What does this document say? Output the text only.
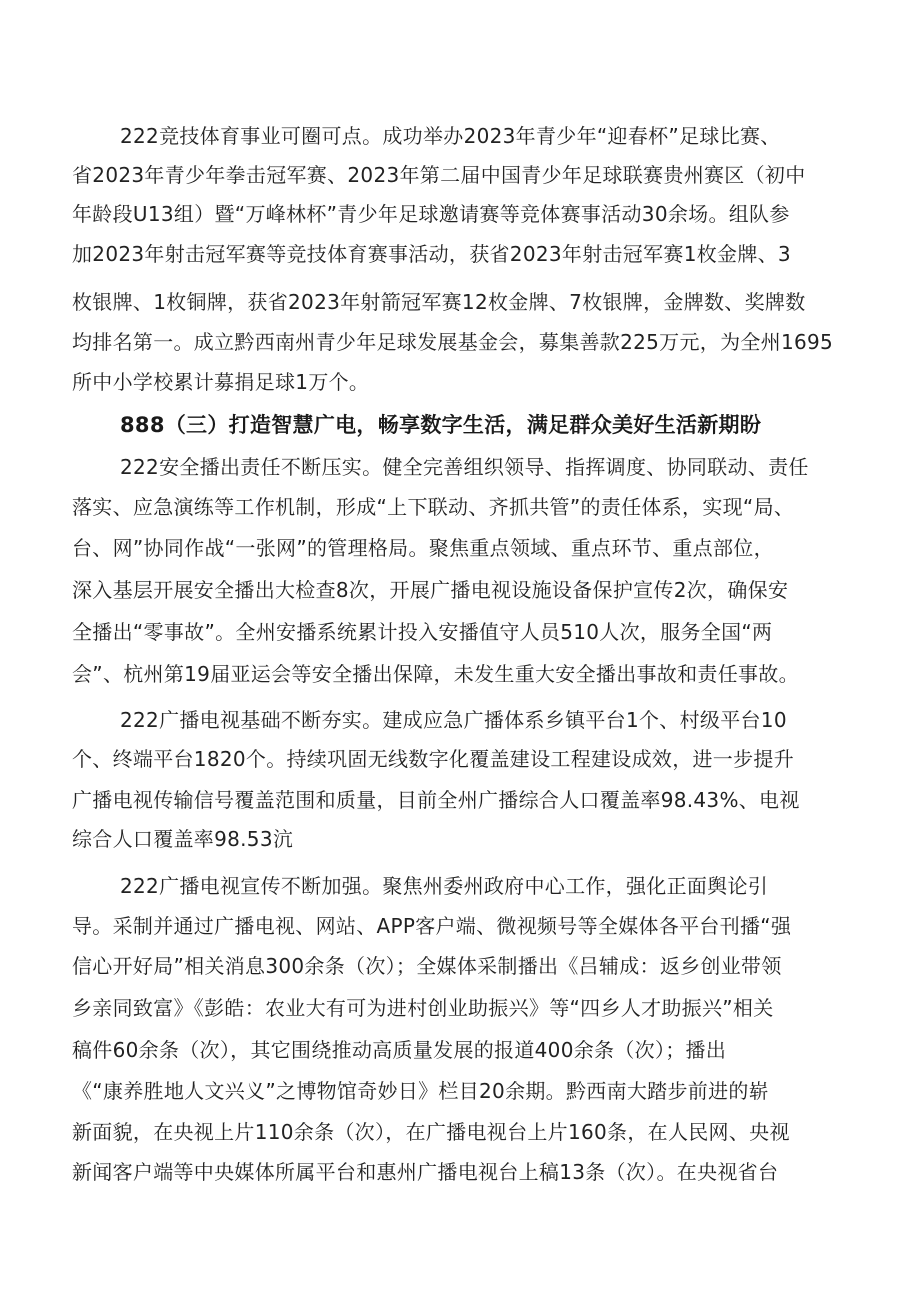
222竞技体育事业可圈可点。成功举办2023年青少年“迎春杯”足球比赛、
省2023年青少年拳击冠军赛、2023年第二届中国青少年足球联赛贵州赛区（初中
年龄段U13组）暨“万峰林杯”青少年足球邀请赛等竞体赛事活动30余场。组队参
加2023年射击冠军赛等竞技体育赛事活动，获省2023年射击冠军赛1枚金牌、3
枚银牌、1枚铜牌，获省2023年射箭冠军赛12枚金牌、7枚银牌，金牌数、奖牌数
均排名第一。成立黔西南州青少年足球发展基金会，募集善款225万元，为全州1695
所中小学校累计募捐足球1万个。
888（三）打造智慧广电，畅享数字生活，满足群众美好生活新期盼
222安全播出责任不断压实。健全完善组织领导、指挥调度、协同联动、责任
落实、应急演练等工作机制，形成“上下联动、齐抓共管”的责任体系，实现“局、
台、网”协同作战“一张网”的管理格局。聚焦重点领域、重点环节、重点部位，
深入基层开展安全播出大检查8次，开展广播电视设施设备保护宣传2次，确保安
全播出“零事故”。全州安播系统累计投入安播值守人员510人次，服务全国“两
会”、杭州第19届亚运会等安全播出保障，未发生重大安全播出事故和责任事故。
222广播电视基础不断夯实。建成应急广播体系乡镇平台1个、村级平台10
个、终端平台1820个。持续巩固无线数字化覆盖建设工程建设成效，进一步提升
广播电视传输信号覆盖范围和质量，目前全州广播综合人口覆盖率98.43%、电视
综合人口覆盖率98.53沆
222广播电视宣传不断加强。聚焦州委州政府中心工作，强化正面舆论引
导。采制并通过广播电视、网站、APP客户端、微视频号等全媒体各平台刊播“强
信心开好局”相关消息300余条（次）；全媒体采制播出《吕辅成：返乡创业带领
乡亲同致富》《彭皓：农业大有可为进村创业助振兴》等“四乡人才助振兴”相关
稿件60余条（次），其它围绕推动高质量发展的报道400余条（次）；播出
《“康养胜地人文兴义”之博物馆奇妙日》栏目20余期。黔西南大踏步前进的崭
新面貌，在央视上片110余条（次），在广播电视台上片160条，在人民网、央视
新闻客户端等中央媒体所属平台和惠州广播电视台上稿13条（次）。在央视省台
